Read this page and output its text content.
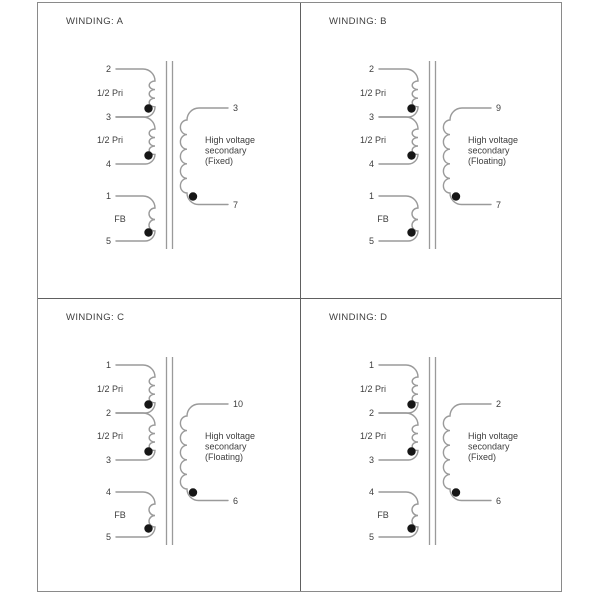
WINDING: A
2
1/2 Pri
3
1/2 Pri
4
1
FB
5
3
High voltage
secondary
(Fixed)
7
WINDING: B
2
1/2 Pri
3
1/2 Pri
4
1
FB
5
9
High voltage
secondary
(Floating)
7
WINDING: C
1
1/2 Pri
2
1/2 Pri
3
4
FB
5
10
High voltage
secondary
(Floating)
6
WINDING: D
1
1/2 Pri
2
1/2 Pri
3
4
FB
5
2
High voltage
secondary
(Fixed)
6
